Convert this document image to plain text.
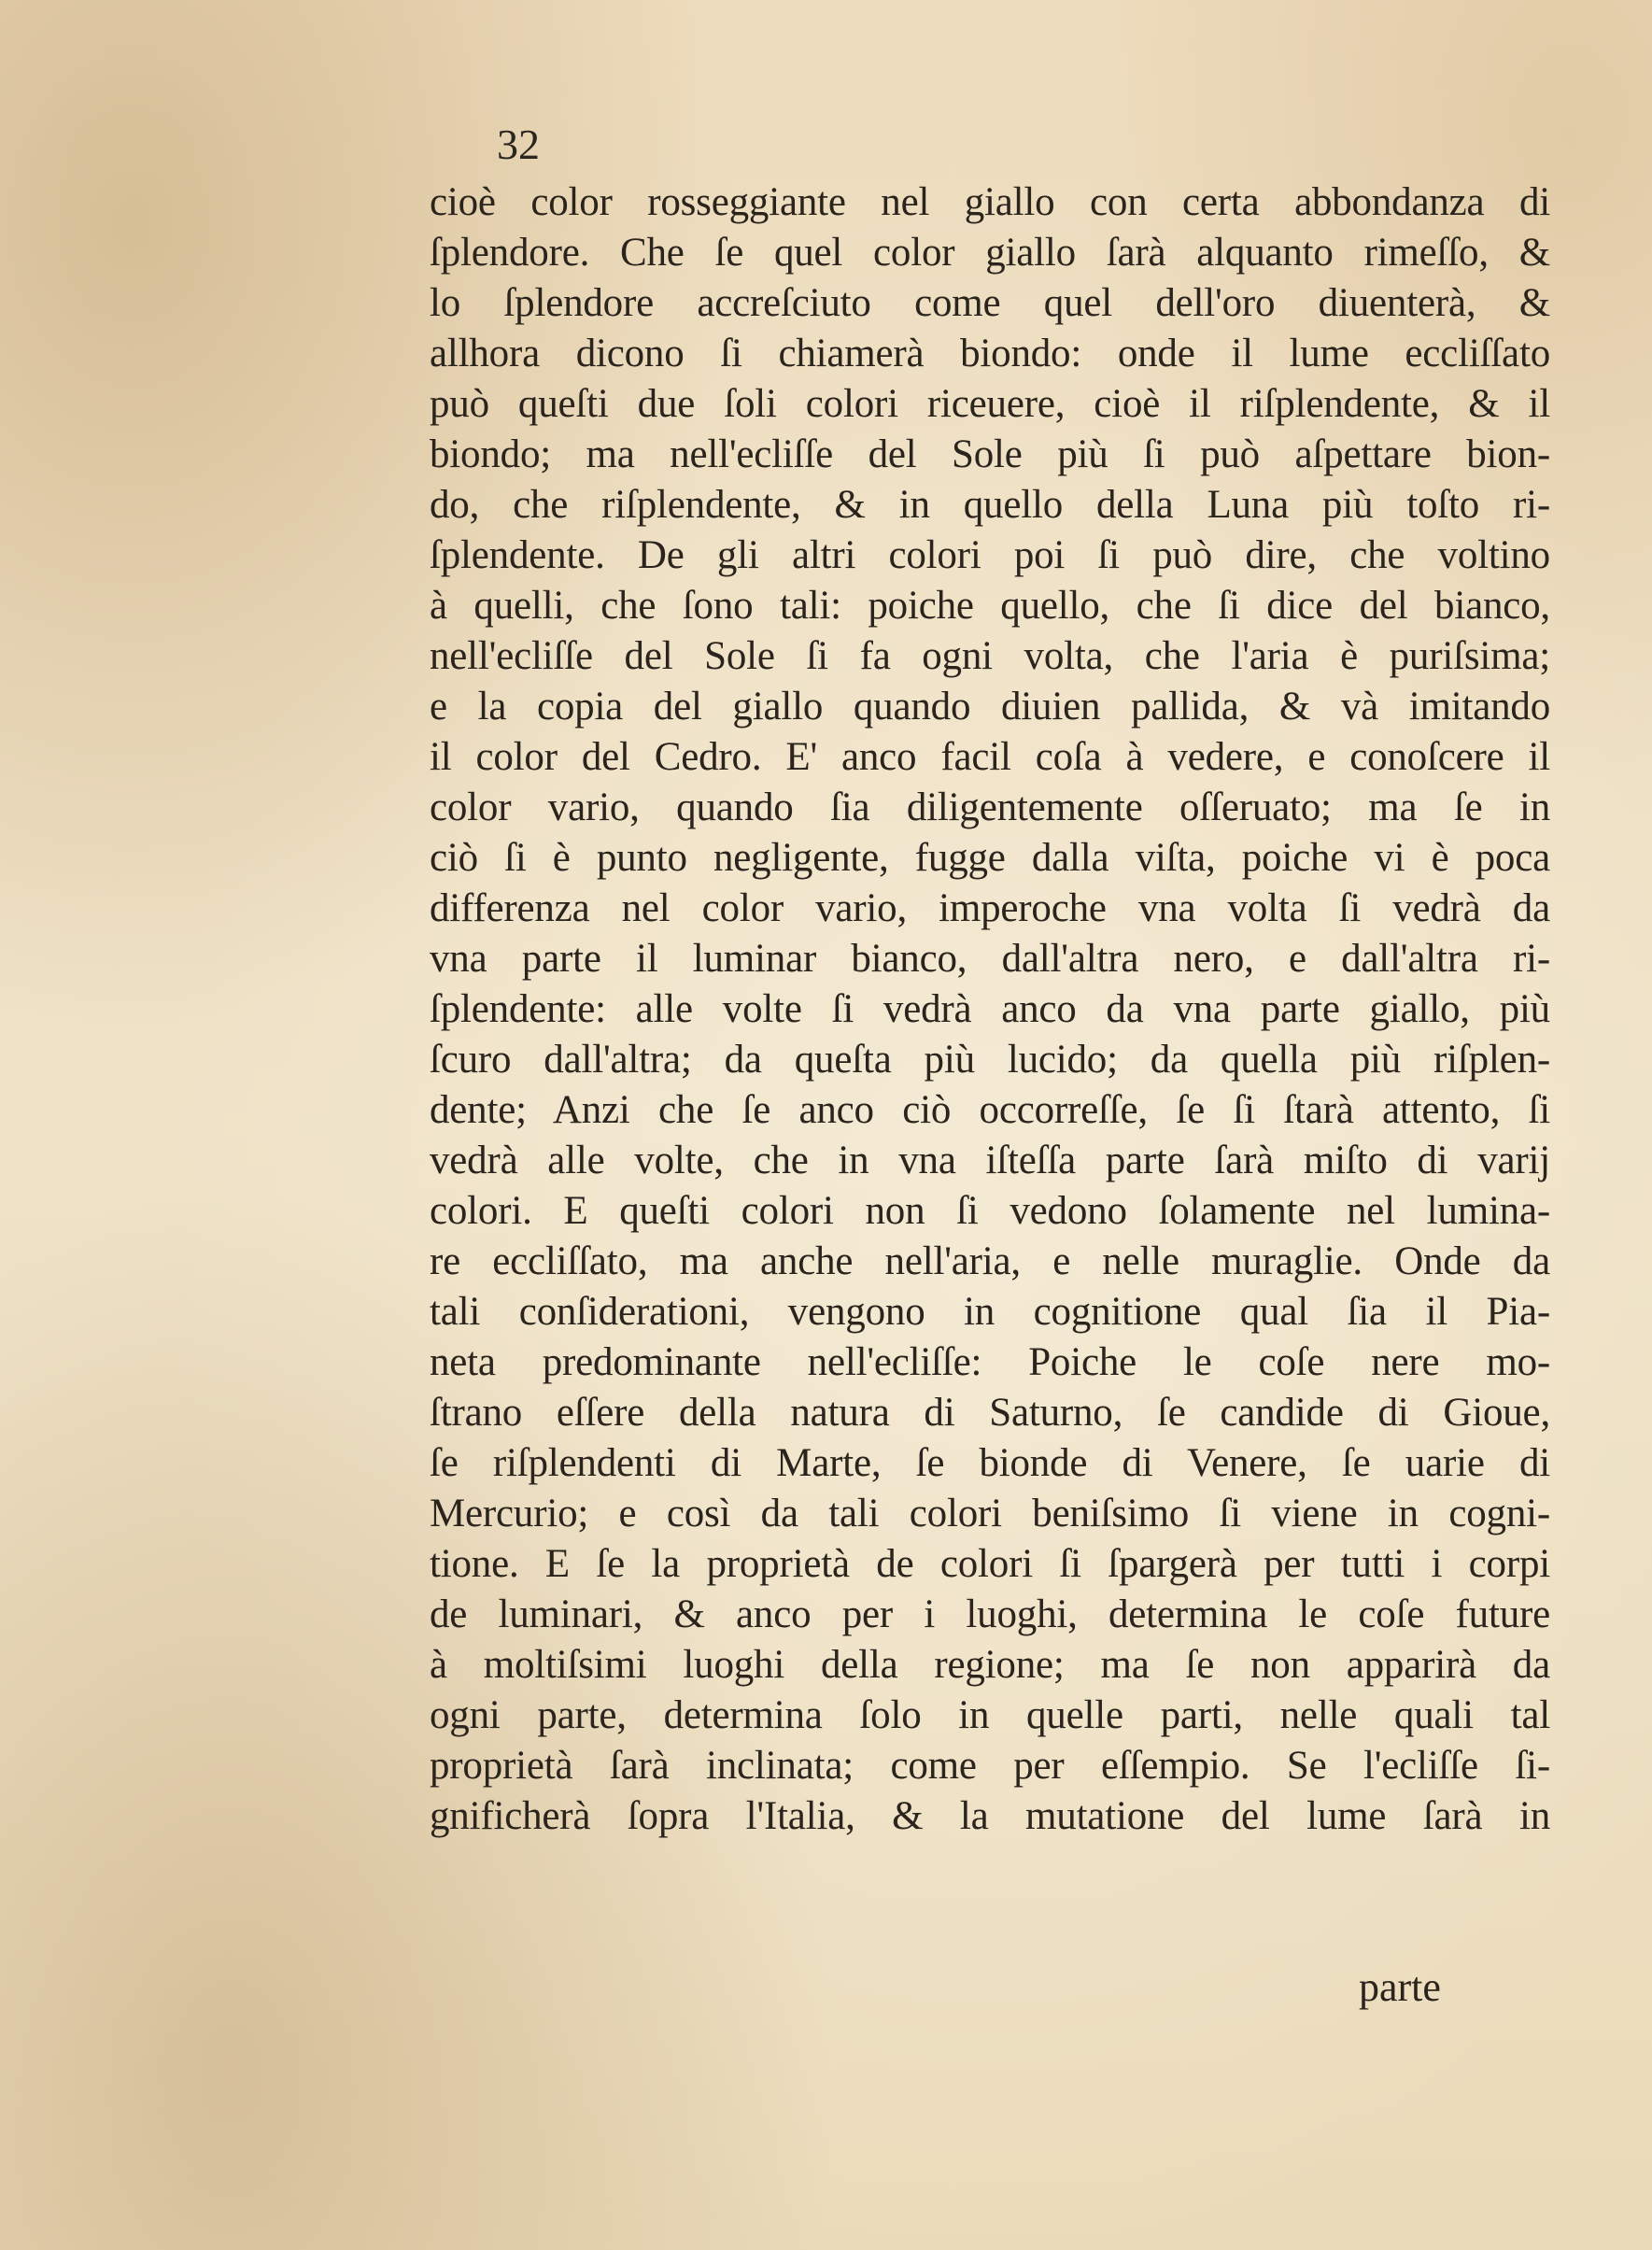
32
cioè color rosseggiante nel giallo con certa abbondanza di
ſplendore. Che ſe quel color giallo ſarà alquanto rimeſſo, &
lo ſplendore accreſciuto come quel dell'oro diuenterà, &
allhora dicono ſi chiamerà biondo: onde il lume eccliſſato
può queſti due ſoli colori riceuere, cioè il riſplendente, & il
biondo; ma nell'ecliſſe del Sole più ſi può aſpettare bion-
do, che riſplendente, & in quello della Luna più toſto ri-
ſplendente. De gli altri colori poi ſi può dire, che voltino
à quelli, che ſono tali: poiche quello, che ſi dice del bianco,
nell'ecliſſe del Sole ſi fa ogni volta, che l'aria è puriſsima;
e la copia del giallo quando diuien pallida, & và imitando
il color del Cedro. E' anco facil coſa à vedere, e conoſcere il
color vario, quando ſia diligentemente oſſeruato; ma ſe in
ciò ſi è punto negligente, fugge dalla viſta, poiche vi è poca
differenza nel color vario, imperoche vna volta ſi vedrà da
vna parte il luminar bianco, dall'altra nero, e dall'altra ri-
ſplendente: alle volte ſi vedrà anco da vna parte giallo, più
ſcuro dall'altra; da queſta più lucido; da quella più riſplen-
dente; Anzi che ſe anco ciò occorreſſe, ſe ſi ſtarà attento, ſi
vedrà alle volte, che in vna iſteſſa parte ſarà miſto di varij
colori. E queſti colori non ſi vedono ſolamente nel lumina-
re eccliſſato, ma anche nell'aria, e nelle muraglie. Onde da
tali conſiderationi, vengono in cognitione qual ſia il Pia-
neta predominante nell'ecliſſe: Poiche le coſe nere mo-
ſtrano eſſere della natura di Saturno, ſe candide di Gioue,
ſe riſplendenti di Marte, ſe bionde di Venere, ſe uarie di
Mercurio; e così da tali colori beniſsimo ſi viene in cogni-
tione. E ſe la proprietà de colori ſi ſpargerà per tutti i corpi
de luminari, & anco per i luoghi, determina le coſe future
à moltiſsimi luoghi della regione; ma ſe non apparirà da
ogni parte, determina ſolo in quelle parti, nelle quali tal
proprietà ſarà inclinata; come per eſſempio. Se l'ecliſſe ſi-
gnificherà ſopra l'Italia, & la mutatione del lume ſarà in
parte
